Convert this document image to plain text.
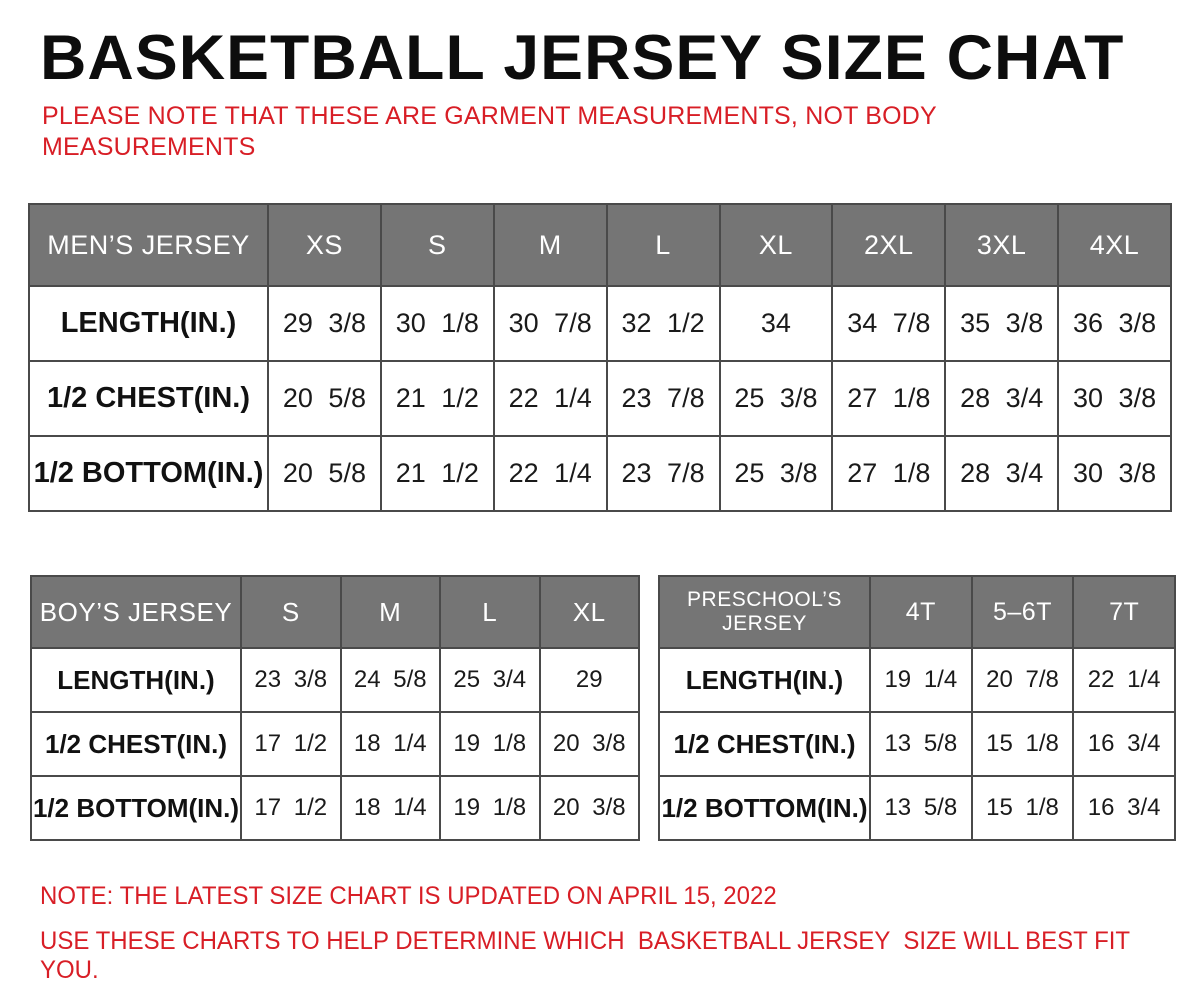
BASKETBALL JERSEY SIZE CHAT
PLEASE NOTE THAT THESE ARE GARMENT MEASUREMENTS, NOT BODY MEASUREMENTS
MEN’S JERSEY	XS	S	M	L	XL	2XL	3XL	4XL
LENGTH(IN.)	29 3/8	30 1/8	30 7/8	32 1/2	34	34 7/8	35 3/8	36 3/8
1/2 CHEST(IN.)	20 5/8	21 1/2	22 1/4	23 7/8	25 3/8	27 1/8	28 3/4	30 3/8
1/2 BOTTOM(IN.)	20 5/8	21 1/2	22 1/4	23 7/8	25 3/8	27 1/8	28 3/4	30 3/8
BOY’S JERSEY	S	M	L	XL
LENGTH(IN.)	23 3/8	24 5/8	25 3/4	29
1/2 CHEST(IN.)	17 1/2	18 1/4	19 1/8	20 3/8
1/2 BOTTOM(IN.)	17 1/2	18 1/4	19 1/8	20 3/8
PRESCHOOL’S JERSEY	4T	5–6T	7T
LENGTH(IN.)	19 1/4	20 7/8	22 1/4
1/2 CHEST(IN.)	13 5/8	15 1/8	16 3/4
1/2 BOTTOM(IN.)	13 5/8	15 1/8	16 3/4
NOTE: THE LATEST SIZE CHART IS UPDATED ON APRIL 15, 2022
USE THESE CHARTS TO HELP DETERMINE WHICH  BASKETBALL JERSEY  SIZE WILL BEST FIT YOU.
